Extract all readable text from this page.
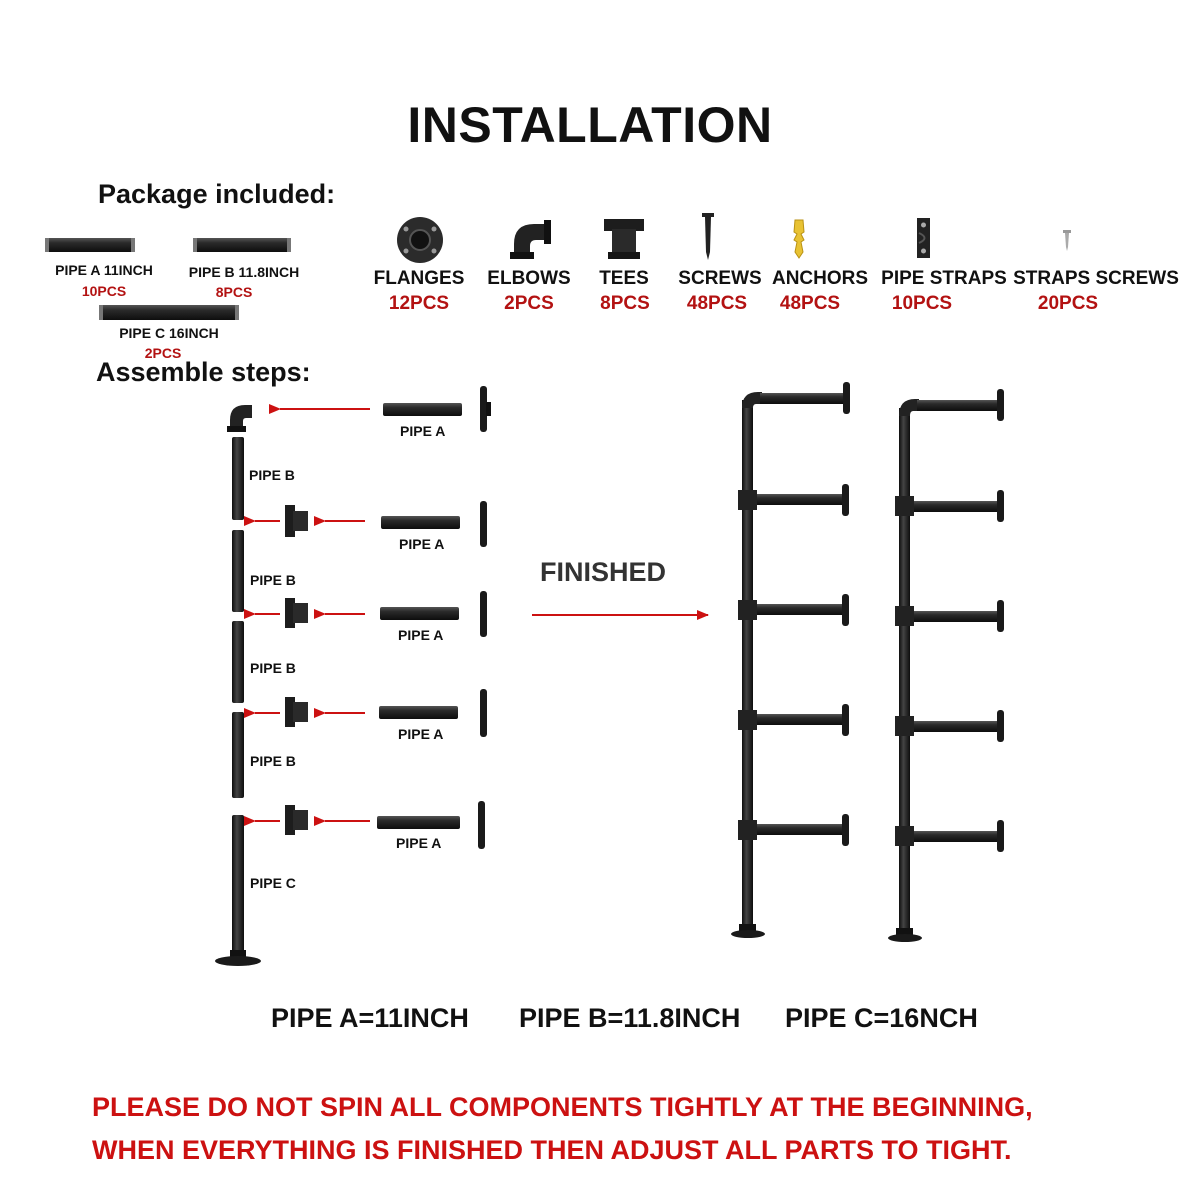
INSTALLATION
Package included:
PIPE A 11INCH
10PCS
PIPE B 11.8INCH
8PCS
PIPE C 16INCH
2PCS
FLANGES
12PCS
ELBOWS
2PCS
TEES
8PCS
SCREWS
48PCS
ANCHORS
48PCS
PIPE STRAPS
10PCS
STRAPS SCREWS
20PCS
Assemble steps:
PIPE A
PIPE A
PIPE A
PIPE A
PIPE A
PIPE B
PIPE B
PIPE B
PIPE B
PIPE C
FINISHED
PIPE A=11INCH PIPE B=11.8INCH PIPE C=16NCH
PLEASE DO NOT SPIN ALL COMPONENTS TIGHTLY AT THE BEGINNING,
WHEN EVERYTHING IS FINISHED THEN ADJUST ALL PARTS TO TIGHT.
